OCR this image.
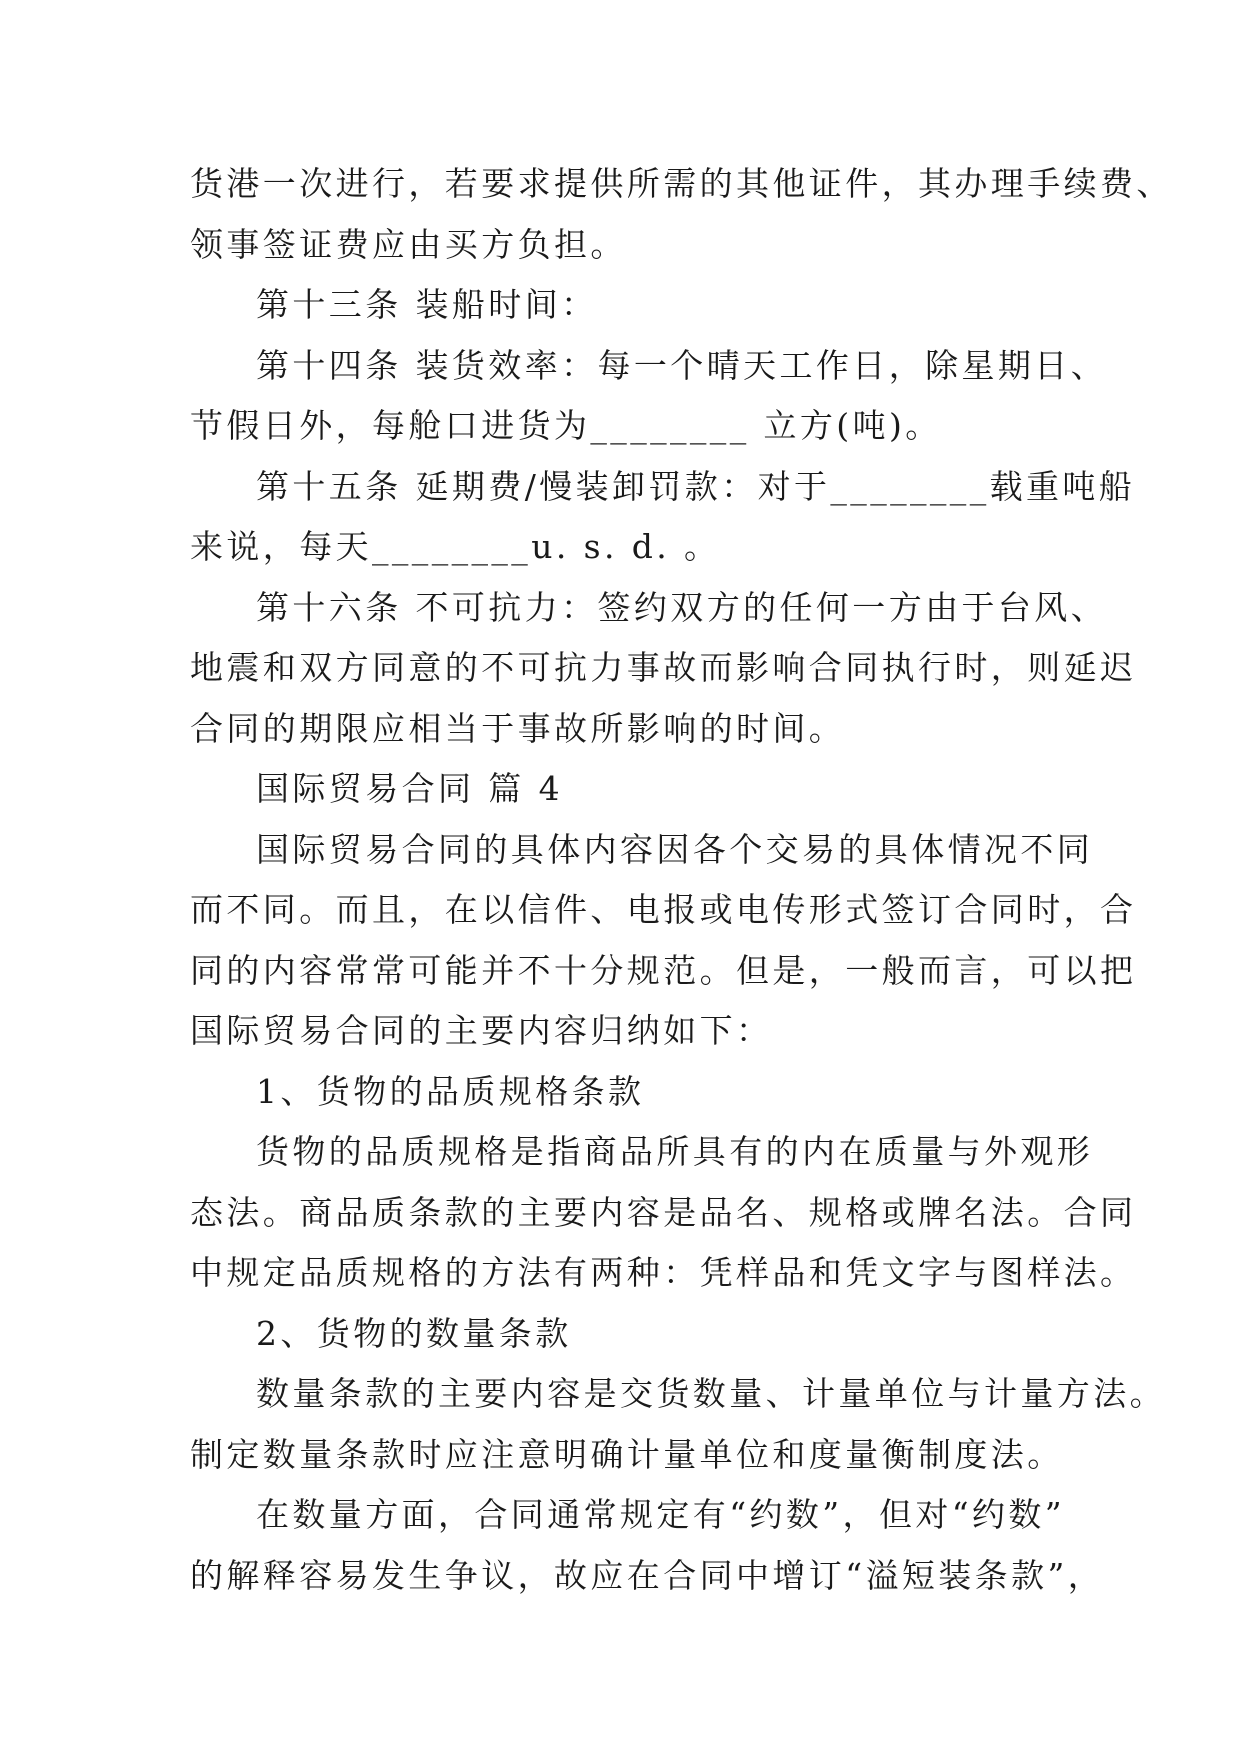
货港一次进行，若要求提供所需的其他证件，其办理手续费、
领事签证费应由买方负担。
第十三条 装船时间：
第十四条 装货效率：每一个晴天工作日，除星期日、
节假日外，每舱口进货为________ 立方(吨)。
第十五条 延期费/慢装卸罚款：对于________载重吨船
来说，每天________u. s. d. 。
第十六条 不可抗力：签约双方的任何一方由于台风、
地震和双方同意的不可抗力事故而影响合同执行时，则延迟
合同的期限应相当于事故所影响的时间。
国际贸易合同 篇 4
国际贸易合同的具体内容因各个交易的具体情况不同
而不同。而且，在以信件、电报或电传形式签订合同时，合
同的内容常常可能并不十分规范。但是，一般而言，可以把
国际贸易合同的主要内容归纳如下：
1、货物的品质规格条款
货物的品质规格是指商品所具有的内在质量与外观形
态法。商品质条款的主要内容是品名、规格或牌名法。合同
中规定品质规格的方法有两种：凭样品和凭文字与图样法。
2、货物的数量条款
数量条款的主要内容是交货数量、计量单位与计量方法。
制定数量条款时应注意明确计量单位和度量衡制度法。
在数量方面，合同通常规定有“约数”，但对“约数”
的解释容易发生争议，故应在合同中增订“溢短装条款”，
